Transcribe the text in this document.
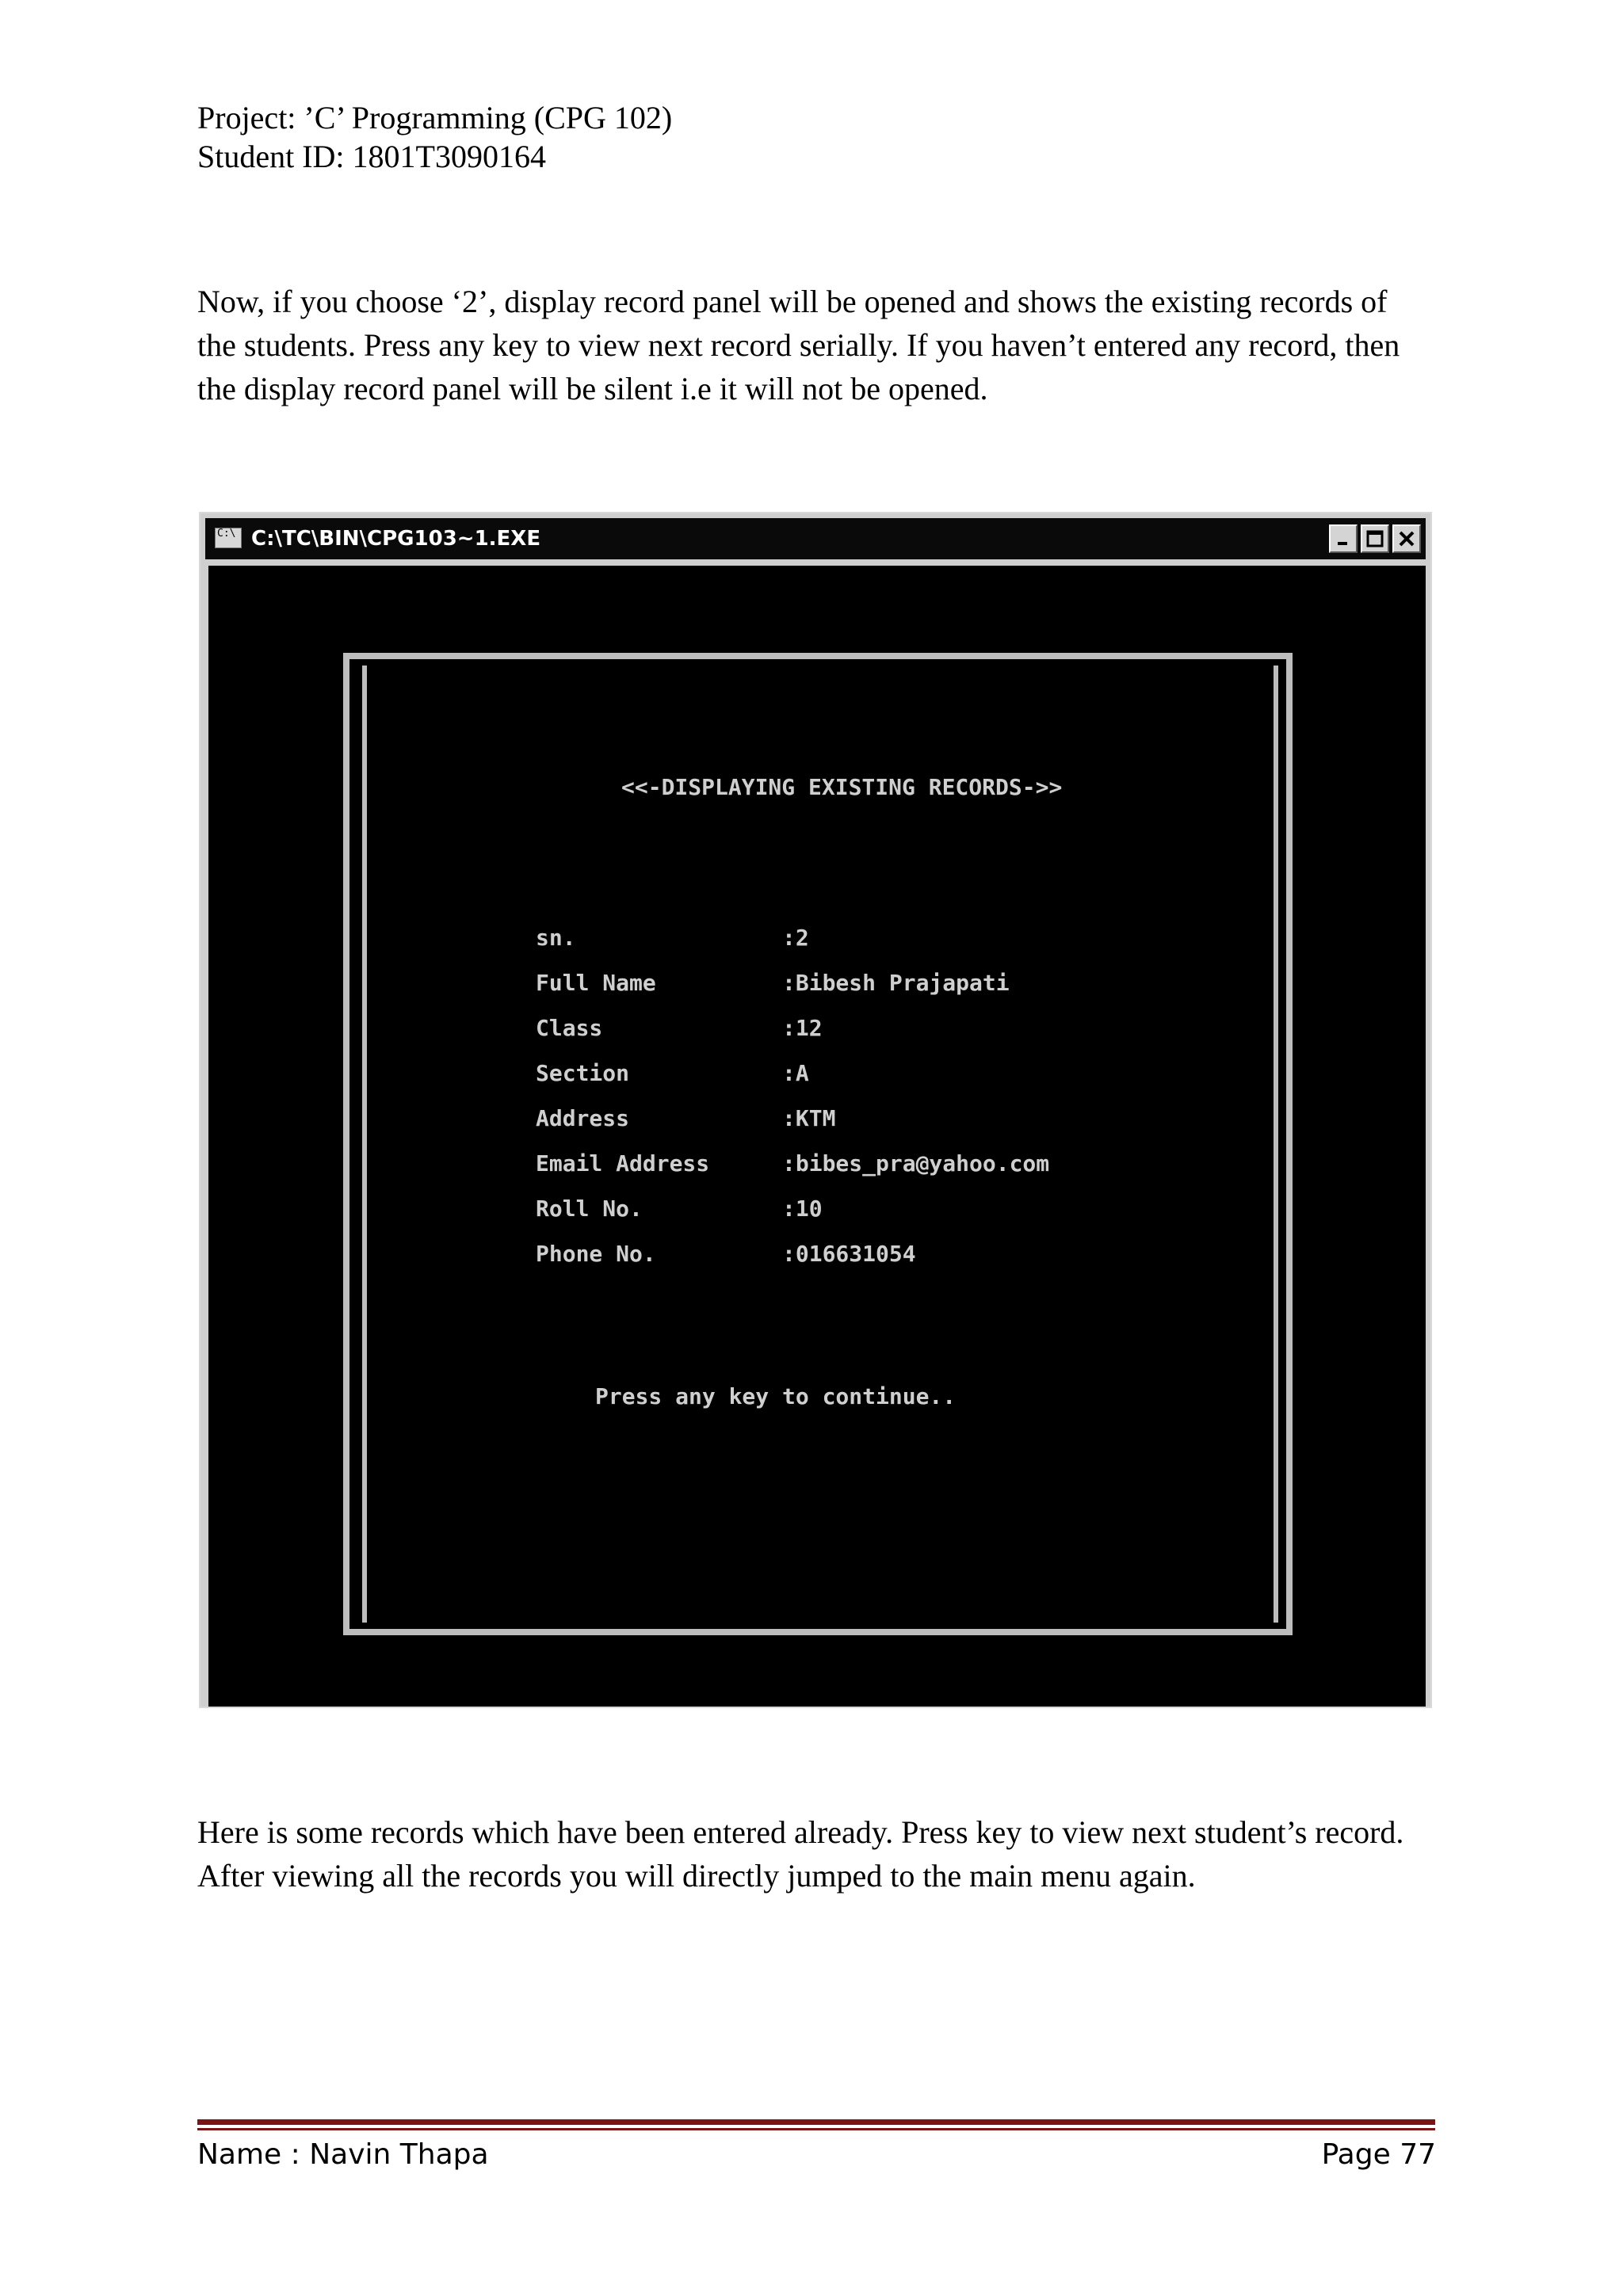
Project: ’C’ Programming (CPG 102)
Student ID: 1801T3090164
Now, if you choose ‘2’, display record panel will be opened and shows the existing records of the students. Press any key to view next record serially. If you haven’t entered any record, then the display record panel will be silent i.e it will not be opened.
C:\ C:\TC\BIN\CPG103~1.EXE
<<-DISPLAYING EXISTING RECORDS->>
sn.	:2
Full Name	:Bibesh Prajapati
Class	:12
Section	:A
Address	:KTM
Email Address	:bibes_pra@yahoo.com
Roll No.	:10
Phone No.	:016631054
Press any key to continue..
Here is some records which have been entered already. Press key to view next student’s record. After viewing all the records you will directly jumped to the main menu again.
Name : Navin Thapa	Page 77
